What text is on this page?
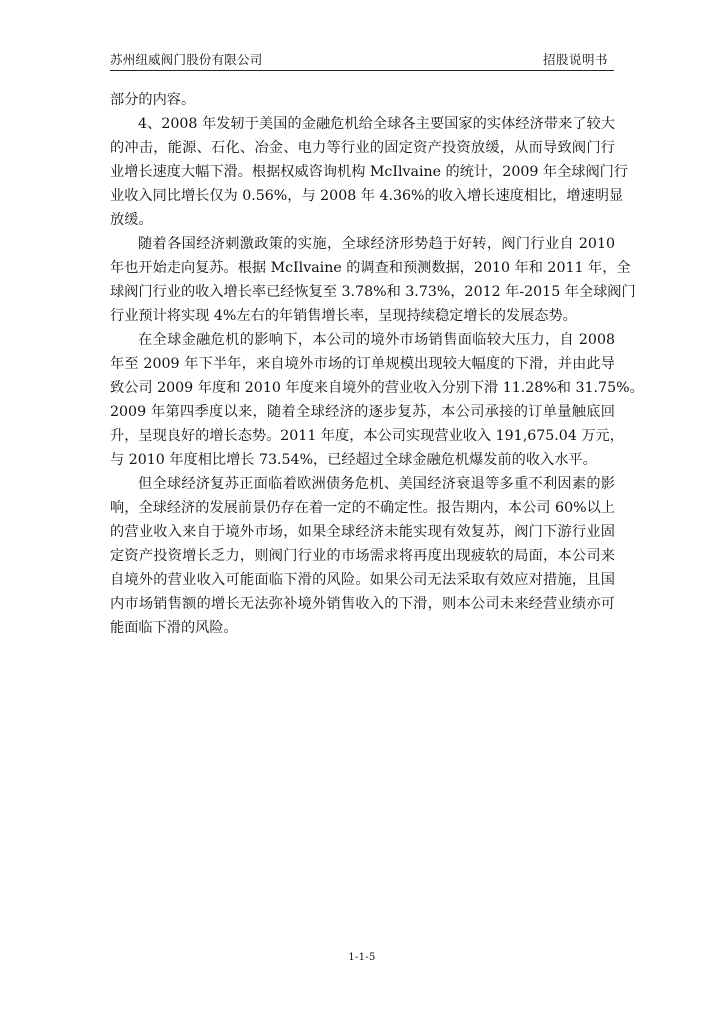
苏州纽威阀门股份有限公司	招股说明书
部分的内容。
4、2008 年发轫于美国的金融危机给全球各主要国家的实体经济带来了较大
的冲击，能源、石化、冶金、电力等行业的固定资产投资放缓，从而导致阀门行
业增长速度大幅下滑。根据权威咨询机构 McIlvaine 的统计，2009 年全球阀门行
业收入同比增长仅为 0.56%，与 2008 年 4.36%的收入增长速度相比，增速明显
放缓。
随着各国经济刺激政策的实施，全球经济形势趋于好转，阀门行业自 2010
年也开始走向复苏。根据 McIlvaine 的调查和预测数据，2010 年和 2011 年，全
球阀门行业的收入增长率已经恢复至 3.78%和 3.73%，2012 年-2015 年全球阀门
行业预计将实现 4%左右的年销售增长率，呈现持续稳定增长的发展态势。
在全球金融危机的影响下，本公司的境外市场销售面临较大压力，自 2008
年至 2009 年下半年，来自境外市场的订单规模出现较大幅度的下滑，并由此导
致公司 2009 年度和 2010 年度来自境外的营业收入分别下滑 11.28%和 31.75%。
2009 年第四季度以来，随着全球经济的逐步复苏，本公司承接的订单量触底回
升，呈现良好的增长态势。2011 年度，本公司实现营业收入 191,675.04 万元，
与 2010 年度相比增长 73.54%，已经超过全球金融危机爆发前的收入水平。
但全球经济复苏正面临着欧洲债务危机、美国经济衰退等多重不利因素的影
响，全球经济的发展前景仍存在着一定的不确定性。报告期内，本公司 60%以上
的营业收入来自于境外市场，如果全球经济未能实现有效复苏，阀门下游行业固
定资产投资增长乏力，则阀门行业的市场需求将再度出现疲软的局面，本公司来
自境外的营业收入可能面临下滑的风险。如果公司无法采取有效应对措施，且国
内市场销售额的增长无法弥补境外销售收入的下滑，则本公司未来经营业绩亦可
能面临下滑的风险。
1-1-5
